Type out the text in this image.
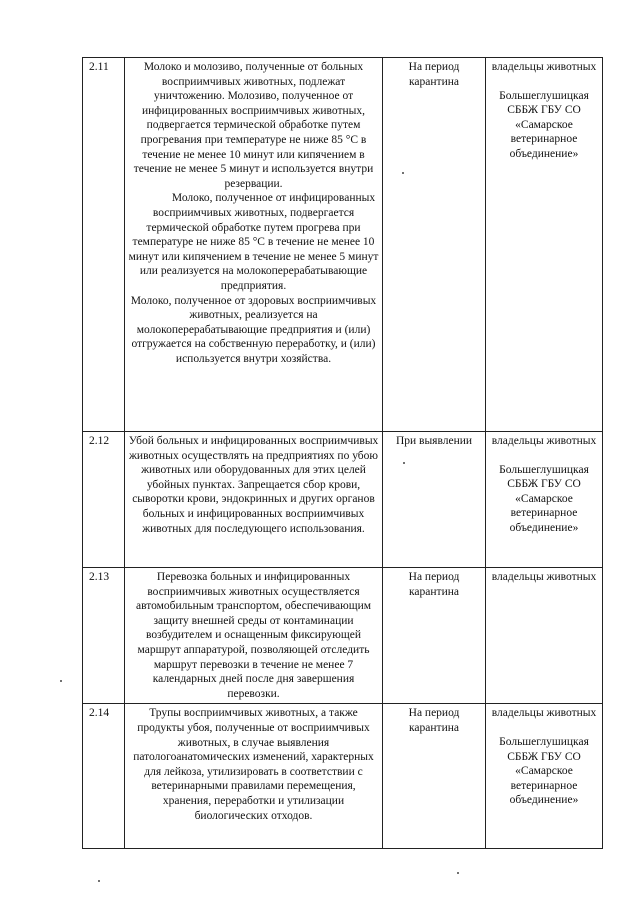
2.11	Молоко и молозиво, полученные от больных восприимчивых животных, подлежат уничтожению. Молозиво, полученное от инфицированных восприимчивых животных, подвергается термической обработке путем прогревания при температуре не ниже 85 °С в течение не менее 10 минут или кипячением в течение не менее 5 минут и используется внутри резервации.
Молоко, полученное от инфицированных восприимчивых животных, подвергается термической обработке путем прогрева при температуре не ниже 85 °С в течение не менее 10 минут или кипячением в течение не менее 5 минут или реализуется на молокоперерабатывающие предприятия.
Молоко, полученное от здоровых восприимчивых животных, реализуется на молокоперерабатывающие предприятия и (или) отгружается на собственную переработку, и (или) используется внутри хозяйства.	На период карантина	владельцы животных
Большеглушицкая СББЖ ГБУ СО «Самарское ветеринарное объединение»

2.12	Убой больных и инфицированных восприимчивых животных осуществлять на предприятиях по убою животных или оборудованных для этих целей убойных пунктах. Запрещается сбор крови, сыворотки крови, эндокринных и других органов больных и инфицированных восприимчивых животных для последующего использования.	При выявлении	владельцы животных
Большеглушицкая СББЖ ГБУ СО «Самарское ветеринарное объединение»

2.13	Перевозка больных и инфицированных восприимчивых животных осуществляется автомобильным транспортом, обеспечивающим защиту внешней среды от контаминации возбудителем и оснащенным фиксирующей маршрут аппаратурой, позволяющей отследить маршрут перевозки в течение не менее 7 календарных дней после дня завершения перевозки.	На период карантина	владельцы животных

2.14	Трупы восприимчивых животных, а также продукты убоя, полученные от восприимчивых животных, в случае выявления патологоанатомических изменений, характерных для лейкоза, утилизировать в соответствии с ветеринарными правилами перемещения, хранения, переработки и утилизации биологических отходов.	На период карантина	владельцы животных
Большеглушицкая СББЖ ГБУ СО «Самарское ветеринарное объединение»
